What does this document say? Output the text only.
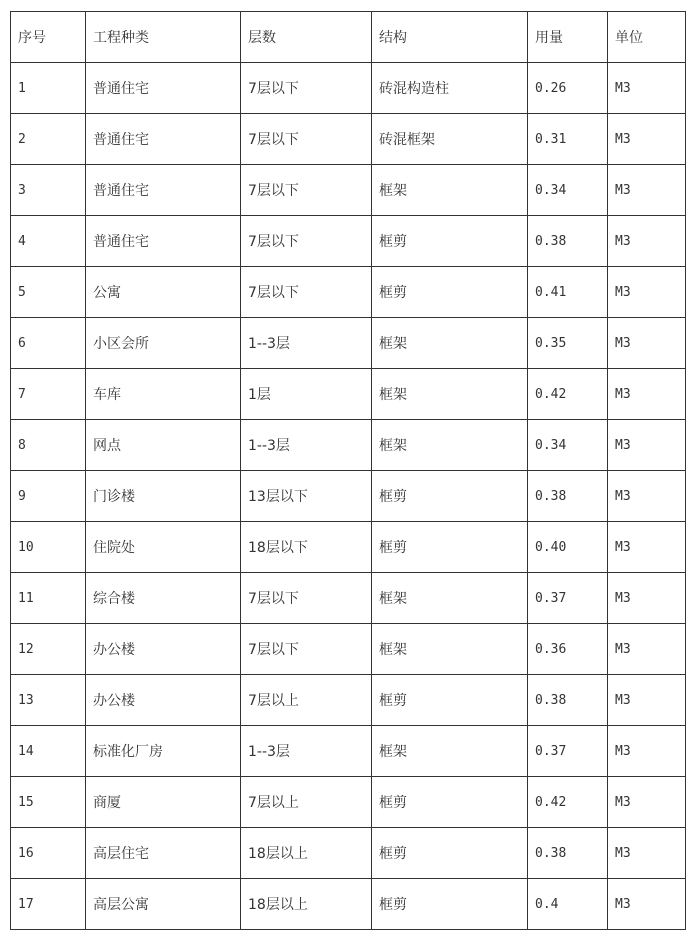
序号	工程种类	层数	结构	用量	单位
1	普通住宅	7层以下	砖混构造柱	0.26	M3
2	普通住宅	7层以下	砖混框架	0.31	M3
3	普通住宅	7层以下	框架	0.34	M3
4	普通住宅	7层以下	框剪	0.38	M3
5	公寓	7层以下	框剪	0.41	M3
6	小区会所	1--3层	框架	0.35	M3
7	车库	1层	框架	0.42	M3
8	网点	1--3层	框架	0.34	M3
9	门诊楼	13层以下	框剪	0.38	M3
10	住院处	18层以下	框剪	0.40	M3
11	综合楼	7层以下	框架	0.37	M3
12	办公楼	7层以下	框架	0.36	M3
13	办公楼	7层以上	框剪	0.38	M3
14	标准化厂房	1--3层	框架	0.37	M3
15	商厦	7层以上	框剪	0.42	M3
16	高层住宅	18层以上	框剪	0.38	M3
17	高层公寓	18层以上	框剪	0.4	M3
